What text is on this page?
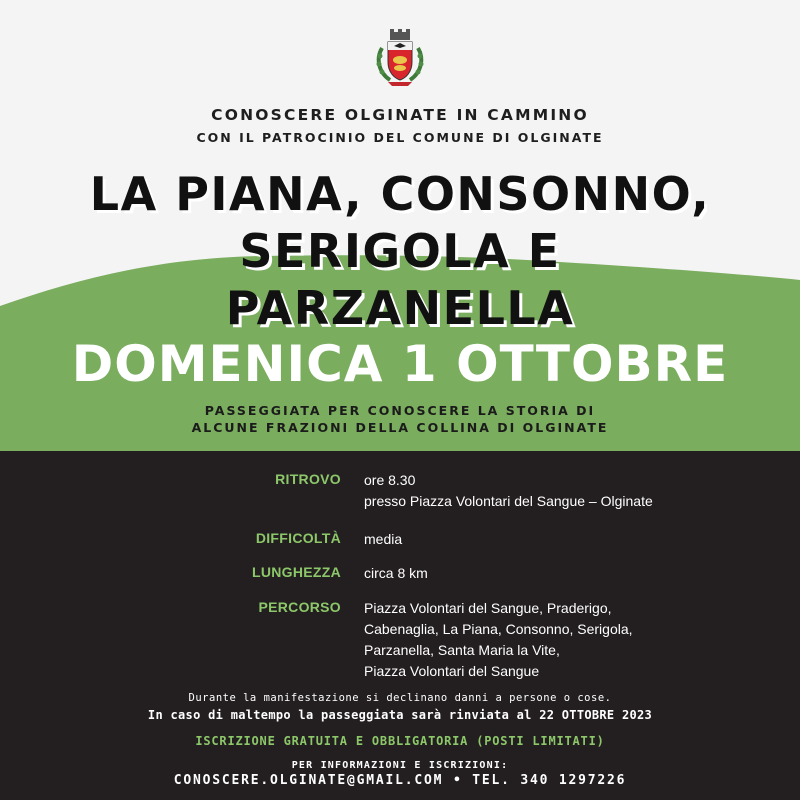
CONOSCERE OLGINATE IN CAMMINO
CON IL PATROCINIO DEL COMUNE DI OLGINATE
LA PIANA, CONSONNO,
SERIGOLA E
PARZANELLA
DOMENICA 1 OTTOBRE
PASSEGGIATA PER CONOSCERE LA STORIA DI
ALCUNE FRAZIONI DELLA COLLINA DI OLGINATE
RITROVO ore 8.30
presso Piazza Volontari del Sangue – Olginate
DIFFICOLTÀ media
LUNGHEZZA circa 8 km
PERCORSO Piazza Volontari del Sangue, Praderigo,
Cabenaglia, La Piana, Consonno, Serigola,
Parzanella, Santa Maria la Vite,
Piazza Volontari del Sangue
Durante la manifestazione si declinano danni a persone o cose.
In caso di maltempo la passeggiata sarà rinviata al 22 OTTOBRE 2023
ISCRIZIONE GRATUITA E OBBLIGATORIA (POSTI LIMITATI)
PER INFORMAZIONI E ISCRIZIONI:
CONOSCERE.OLGINATE@GMAIL.COM • TEL. 340 1297226
